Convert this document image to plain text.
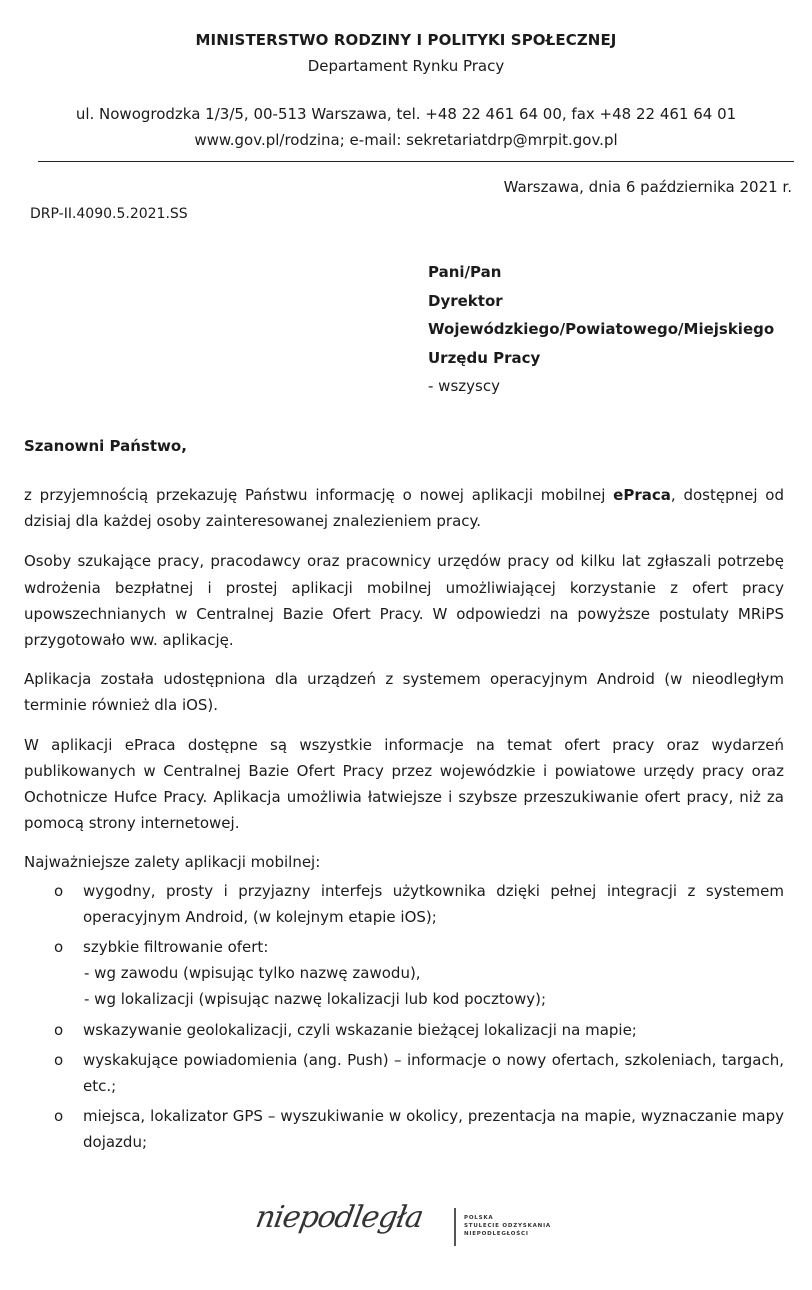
MINISTERSTWO RODZINY I POLITYKI SPOŁECZNEJ
Departament Rynku Pracy
ul. Nowogrodzka 1/3/5, 00-513 Warszawa, tel. +48 22 461 64 00, fax +48 22 461 64 01
www.gov.pl/rodzina; e-mail: sekretariatdrp@mrpit.gov.pl
Warszawa, dnia 6 października 2021 r.
DRP-II.4090.5.2021.SS
Pani/Pan
Dyrektor
Wojewódzkiego/Powiatowego/Miejskiego
Urzędu Pracy
- wszyscy
Szanowni Państwo,

z przyjemnością przekazuję Państwu informację o nowej aplikacji mobilnej ePraca, dostępnej od dzisiaj dla każdej osoby zainteresowanej znalezieniem pracy.

Osoby szukające pracy, pracodawcy oraz pracownicy urzędów pracy od kilku lat zgłaszali potrzebę wdrożenia bezpłatnej i prostej aplikacji mobilnej umożliwiającej korzystanie z ofert pracy upowszechnianych w Centralnej Bazie Ofert Pracy. W odpowiedzi na powyższe postulaty MRiPS przygotowało ww. aplikację.

Aplikacja została udostępniona dla urządzeń z systemem operacyjnym Android (w nieodległym terminie również dla iOS).

W aplikacji ePraca dostępne są wszystkie informacje na temat ofert pracy oraz wydarzeń publikowanych w Centralnej Bazie Ofert Pracy przez wojewódzkie i powiatowe urzędy pracy oraz Ochotnicze Hufce Pracy. Aplikacja umożliwia łatwiejsze i szybsze przeszukiwanie ofert pracy, niż za pomocą strony internetowej.

Najważniejsze zalety aplikacji mobilnej:
o wygodny, prosty i przyjazny interfejs użytkownika dzięki pełnej integracji z systemem operacyjnym Android, (w kolejnym etapie iOS);
o szybkie filtrowanie ofert:
- wg zawodu (wpisując tylko nazwę zawodu),
- wg lokalizacji (wpisując nazwę lokalizacji lub kod pocztowy);
o wskazywanie geolokalizacji, czyli wskazanie bieżącej lokalizacji na mapie;
o wyskakujące powiadomienia (ang. Push) – informacje o nowy ofertach, szkoleniach, targach, etc.;
o miejsca, lokalizator GPS – wyszukiwanie w okolicy, prezentacja na mapie, wyznaczanie mapy dojazdu;
niepodległa	POLSKA
STULECIE ODZYSKANIA
NIEPODLEGŁOŚCI
